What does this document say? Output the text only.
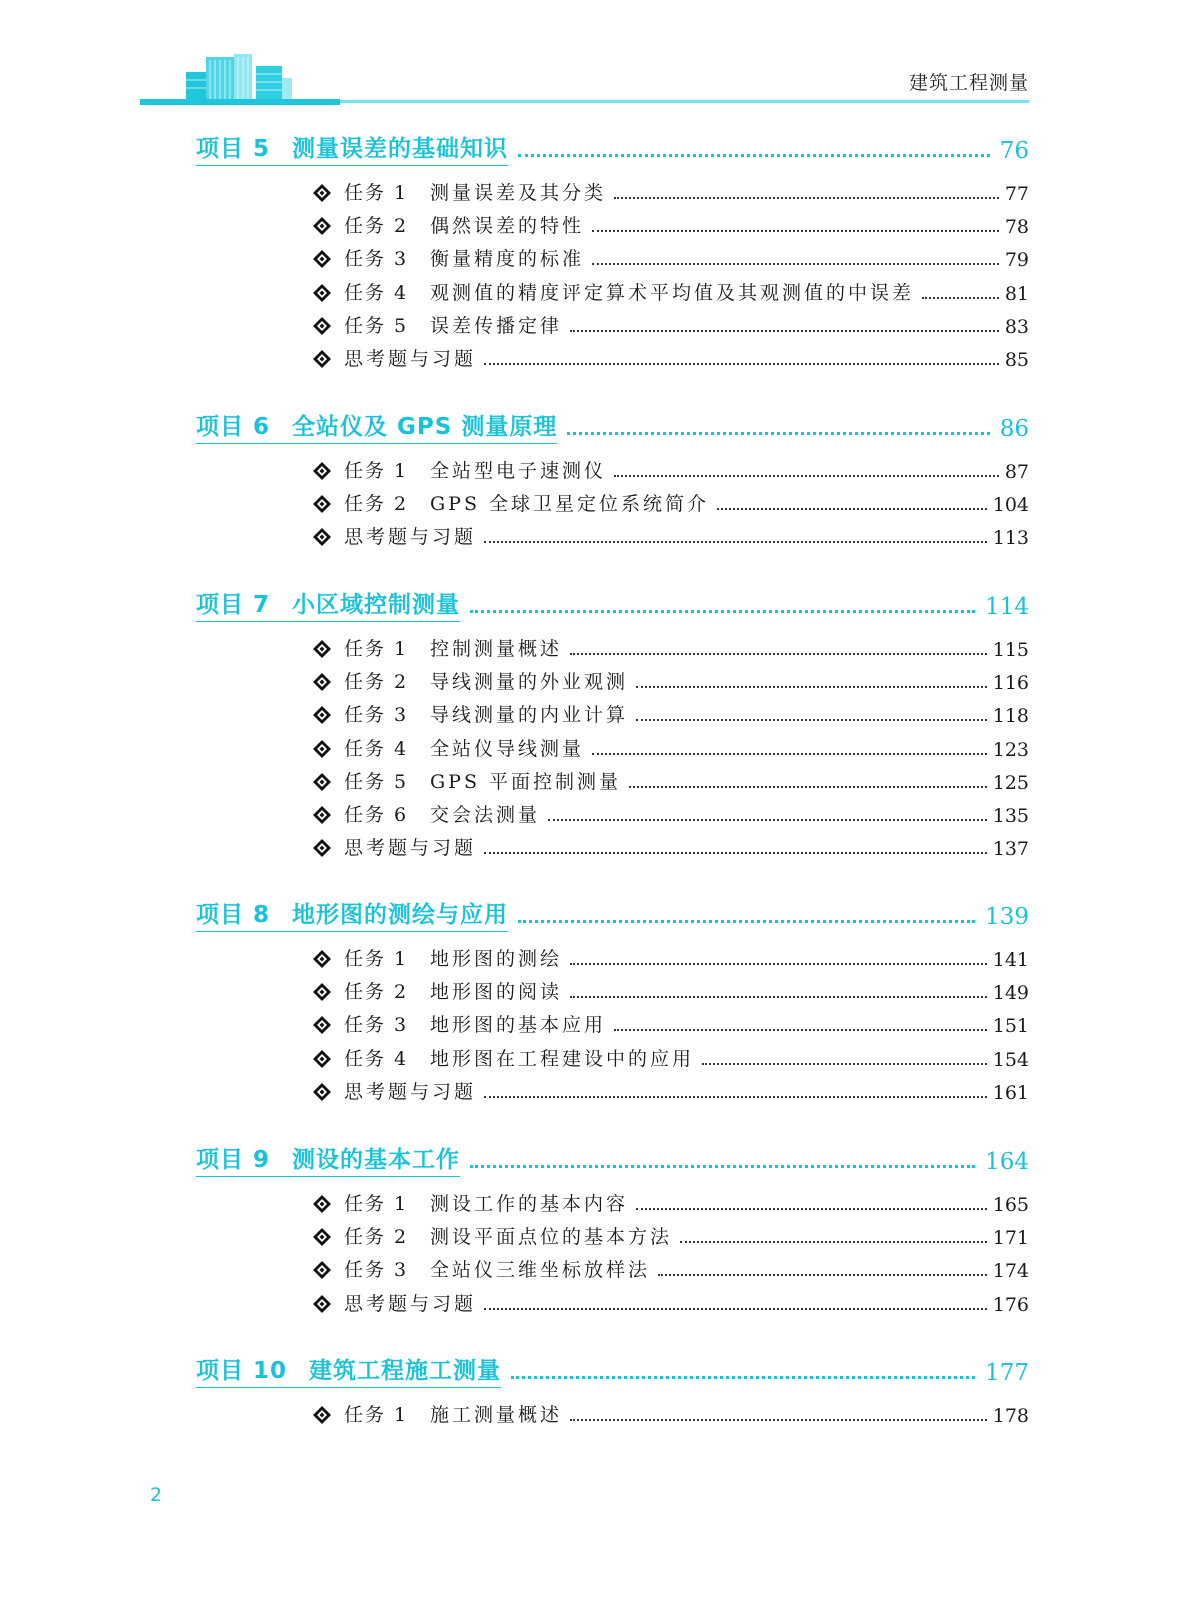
建筑工程测量
项目 5 测量误差的基础知识	76
任务 1	测量误差及其分类	77
任务 2	偶然误差的特性	78
任务 3	衡量精度的标准	79
任务 4	观测值的精度评定算术平均值及其观测值的中误差	81
任务 5	误差传播定律	83
思考题与习题	85
项目 6 全站仪及 GPS 测量原理	86
任务 1	全站型电子速测仪	87
任务 2	GPS 全球卫星定位系统简介	104
思考题与习题	113
项目 7 小区域控制测量	114
任务 1	控制测量概述	115
任务 2	导线测量的外业观测	116
任务 3	导线测量的内业计算	118
任务 4	全站仪导线测量	123
任务 5	GPS 平面控制测量	125
任务 6	交会法测量	135
思考题与习题	137
项目 8 地形图的测绘与应用	139
任务 1	地形图的测绘	141
任务 2	地形图的阅读	149
任务 3	地形图的基本应用	151
任务 4	地形图在工程建设中的应用	154
思考题与习题	161
项目 9 测设的基本工作	164
任务 1	测设工作的基本内容	165
任务 2	测设平面点位的基本方法	171
任务 3	全站仪三维坐标放样法	174
思考题与习题	176
项目 10 建筑工程施工测量	177
任务 1	施工测量概述	178
2
